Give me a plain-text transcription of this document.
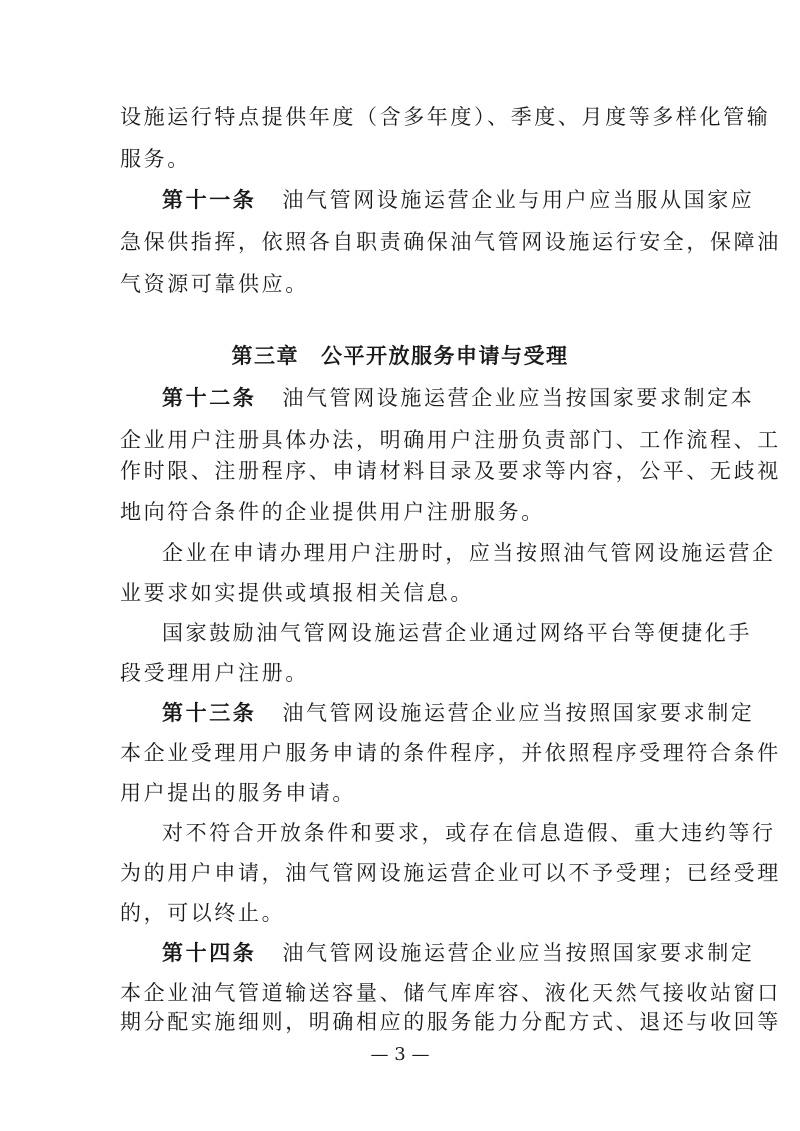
设施运行特点提供年度（含多年度）、季度、月度等多样化管输
服务。
第十一条 油气管网设施运营企业与用户应当服从国家应
急保供指挥，依照各自职责确保油气管网设施运行安全，保障油
气资源可靠供应。
第三章 公平开放服务申请与受理
第十二条 油气管网设施运营企业应当按国家要求制定本
企业用户注册具体办法，明确用户注册负责部门、工作流程、工
作时限、注册程序、申请材料目录及要求等内容，公平、无歧视
地向符合条件的企业提供用户注册服务。
企业在申请办理用户注册时，应当按照油气管网设施运营企
业要求如实提供或填报相关信息。
国家鼓励油气管网设施运营企业通过网络平台等便捷化手
段受理用户注册。
第十三条 油气管网设施运营企业应当按照国家要求制定
本企业受理用户服务申请的条件程序，并依照程序受理符合条件
用户提出的服务申请。
对不符合开放条件和要求，或存在信息造假、重大违约等行
为的用户申请，油气管网设施运营企业可以不予受理；已经受理
的，可以终止。
第十四条 油气管网设施运营企业应当按照国家要求制定
本企业油气管道输送容量、储气库库容、液化天然气接收站窗口
期分配实施细则，明确相应的服务能力分配方式、退还与收回等
— 3 —
